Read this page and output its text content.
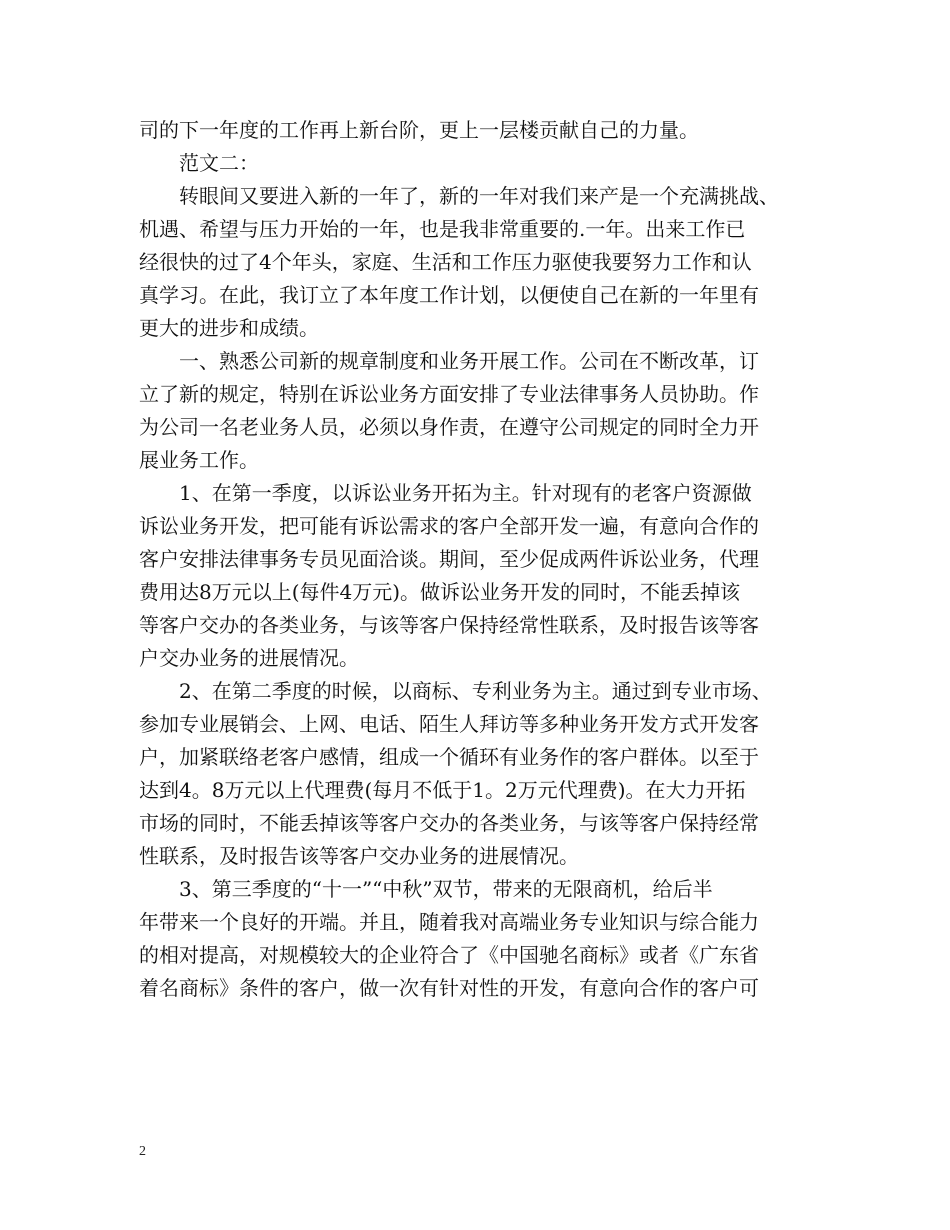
司的下一年度的工作再上新台阶，更上一层楼贡献自己的力量。
范文二：
转眼间又要进入新的一年了，新的一年对我们来产是一个充满挑战、
机遇、希望与压力开始的一年，也是我非常重要的.一年。出来工作已
经很快的过了4个年头，家庭、生活和工作压力驱使我要努力工作和认
真学习。在此，我订立了本年度工作计划，以便使自己在新的一年里有
更大的进步和成绩。
一、熟悉公司新的规章制度和业务开展工作。公司在不断改革，订
立了新的规定，特别在诉讼业务方面安排了专业法律事务人员协助。作
为公司一名老业务人员，必须以身作责，在遵守公司规定的同时全力开
展业务工作。
1、在第一季度，以诉讼业务开拓为主。针对现有的老客户资源做
诉讼业务开发，把可能有诉讼需求的客户全部开发一遍，有意向合作的
客户安排法律事务专员见面洽谈。期间，至少促成两件诉讼业务，代理
费用达8万元以上(每件4万元)。做诉讼业务开发的同时，不能丢掉该
等客户交办的各类业务，与该等客户保持经常性联系，及时报告该等客
户交办业务的进展情况。
2、在第二季度的时候，以商标、专利业务为主。通过到专业市场、
参加专业展销会、上网、电话、陌生人拜访等多种业务开发方式开发客
户，加紧联络老客户感情，组成一个循环有业务作的客户群体。以至于
达到4。8万元以上代理费(每月不低于1。2万元代理费)。在大力开拓
市场的同时，不能丢掉该等客户交办的各类业务，与该等客户保持经常
性联系，及时报告该等客户交办业务的进展情况。
3、第三季度的“十一”“中秋”双节，带来的无限商机，给后半
年带来一个良好的开端。并且，随着我对高端业务专业知识与综合能力
的相对提高，对规模较大的企业符合了《中国驰名商标》或者《广东省
着名商标》条件的客户，做一次有针对性的开发，有意向合作的客户可
2
